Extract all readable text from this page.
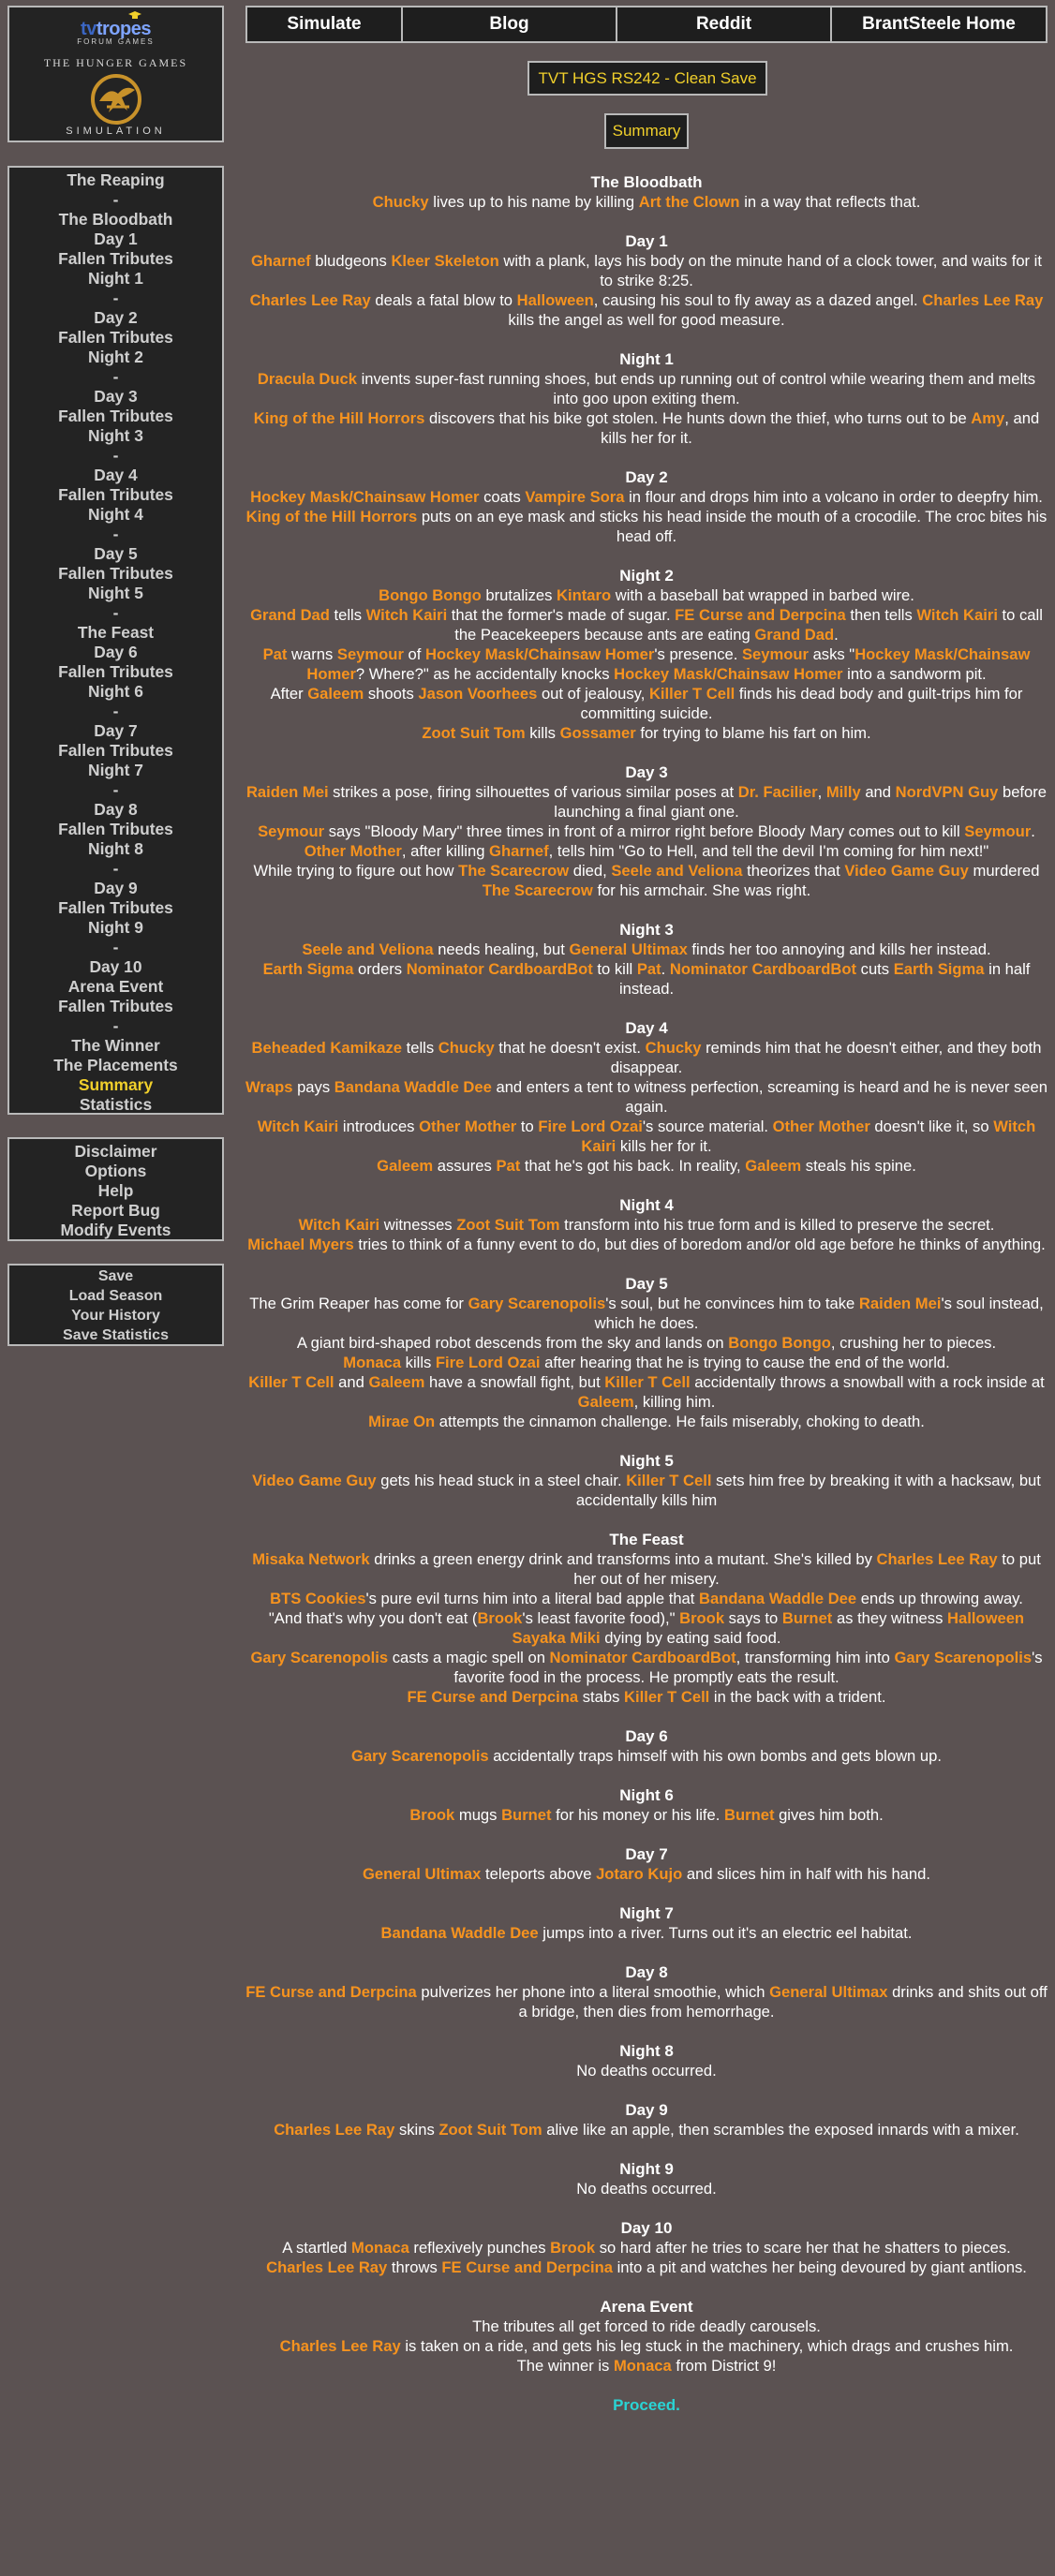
tvtropes
FORUM GAMES
THE HUNGER GAMES
SIMULATION
The Reaping
-
The Bloodbath
Day 1
Fallen Tributes
Night 1
-
Day 2
Fallen Tributes
Night 2
-
Day 3
Fallen Tributes
Night 3
-
Day 4
Fallen Tributes
Night 4
-
Day 5
Fallen Tributes
Night 5
-
The Feast
Day 6
Fallen Tributes
Night 6
-
Day 7
Fallen Tributes
Night 7
-
Day 8
Fallen Tributes
Night 8
-
Day 9
Fallen Tributes
Night 9
-
Day 10
Arena Event
Fallen Tributes
-
The Winner
The Placements
Summary
Statistics
Disclaimer
Options
Help
Report Bug
Modify Events
Save
Load Season
Your History
Save Statistics
Simulate	Blog	Reddit	BrantSteele Home
TVT HGS RS242 - Clean Save
Summary
The Bloodbath
Chucky lives up to his name by killing Art the Clown in a way that reflects that.
Day 1
Gharnef bludgeons Kleer Skeleton with a plank, lays his body on the minute hand of a clock tower, and waits for it to strike 8:25.
Charles Lee Ray deals a fatal blow to Halloween, causing his soul to fly away as a dazed angel. Charles Lee Ray kills the angel as well for good measure.
Night 1
Dracula Duck invents super-fast running shoes, but ends up running out of control while wearing them and melts into goo upon exiting them.
King of the Hill Horrors discovers that his bike got stolen. He hunts down the thief, who turns out to be Amy, and kills her for it.
Day 2
Hockey Mask/Chainsaw Homer coats Vampire Sora in flour and drops him into a volcano in order to deepfry him.
King of the Hill Horrors puts on an eye mask and sticks his head inside the mouth of a crocodile. The croc bites his head off.
Night 2
Bongo Bongo brutalizes Kintaro with a baseball bat wrapped in barbed wire.
Grand Dad tells Witch Kairi that the former's made of sugar. FE Curse and Derpcina then tells Witch Kairi to call the Peacekeepers because ants are eating Grand Dad.
Pat warns Seymour of Hockey Mask/Chainsaw Homer's presence. Seymour asks "Hockey Mask/Chainsaw Homer? Where?" as he accidentally knocks Hockey Mask/Chainsaw Homer into a sandworm pit.
After Galeem shoots Jason Voorhees out of jealousy, Killer T Cell finds his dead body and guilt-trips him for committing suicide.
Zoot Suit Tom kills Gossamer for trying to blame his fart on him.
Day 3
Raiden Mei strikes a pose, firing silhouettes of various similar poses at Dr. Facilier, Milly and NordVPN Guy before launching a final giant one.
Seymour says "Bloody Mary" three times in front of a mirror right before Bloody Mary comes out to kill Seymour.
Other Mother, after killing Gharnef, tells him "Go to Hell, and tell the devil I'm coming for him next!"
While trying to figure out how The Scarecrow died, Seele and Veliona theorizes that Video Game Guy murdered The Scarecrow for his armchair. She was right.
Night 3
Seele and Veliona needs healing, but General Ultimax finds her too annoying and kills her instead.
Earth Sigma orders Nominator CardboardBot to kill Pat. Nominator CardboardBot cuts Earth Sigma in half instead.
Day 4
Beheaded Kamikaze tells Chucky that he doesn't exist. Chucky reminds him that he doesn't either, and they both disappear.
Wraps pays Bandana Waddle Dee and enters a tent to witness perfection, screaming is heard and he is never seen again.
Witch Kairi introduces Other Mother to Fire Lord Ozai's source material. Other Mother doesn't like it, so Witch Kairi kills her for it.
Galeem assures Pat that he's got his back. In reality, Galeem steals his spine.
Night 4
Witch Kairi witnesses Zoot Suit Tom transform into his true form and is killed to preserve the secret.
Michael Myers tries to think of a funny event to do, but dies of boredom and/or old age before he thinks of anything.
Day 5
The Grim Reaper has come for Gary Scarenopolis's soul, but he convinces him to take Raiden Mei's soul instead, which he does.
A giant bird-shaped robot descends from the sky and lands on Bongo Bongo, crushing her to pieces.
Monaca kills Fire Lord Ozai after hearing that he is trying to cause the end of the world.
Killer T Cell and Galeem have a snowfall fight, but Killer T Cell accidentally throws a snowball with a rock inside at Galeem, killing him.
Mirae On attempts the cinnamon challenge. He fails miserably, choking to death.
Night 5
Video Game Guy gets his head stuck in a steel chair. Killer T Cell sets him free by breaking it with a hacksaw, but accidentally kills him
The Feast
Misaka Network drinks a green energy drink and transforms into a mutant. She's killed by Charles Lee Ray to put her out of her misery.
BTS Cookies's pure evil turns him into a literal bad apple that Bandana Waddle Dee ends up throwing away.
"And that's why you don't eat (Brook's least favorite food)," Brook says to Burnet as they witness Halloween Sayaka Miki dying by eating said food.
Gary Scarenopolis casts a magic spell on Nominator CardboardBot, transforming him into Gary Scarenopolis's favorite food in the process. He promptly eats the result.
FE Curse and Derpcina stabs Killer T Cell in the back with a trident.
Day 6
Gary Scarenopolis accidentally traps himself with his own bombs and gets blown up.
Night 6
Brook mugs Burnet for his money or his life. Burnet gives him both.
Day 7
General Ultimax teleports above Jotaro Kujo and slices him in half with his hand.
Night 7
Bandana Waddle Dee jumps into a river. Turns out it's an electric eel habitat.
Day 8
FE Curse and Derpcina pulverizes her phone into a literal smoothie, which General Ultimax drinks and shits out off a bridge, then dies from hemorrhage.
Night 8
No deaths occurred.
Day 9
Charles Lee Ray skins Zoot Suit Tom alive like an apple, then scrambles the exposed innards with a mixer.
Night 9
No deaths occurred.
Day 10
A startled Monaca reflexively punches Brook so hard after he tries to scare her that he shatters to pieces.
Charles Lee Ray throws FE Curse and Derpcina into a pit and watches her being devoured by giant antlions.
Arena Event
The tributes all get forced to ride deadly carousels.
Charles Lee Ray is taken on a ride, and gets his leg stuck in the machinery, which drags and crushes him.
The winner is Monaca from District 9!
Proceed.
